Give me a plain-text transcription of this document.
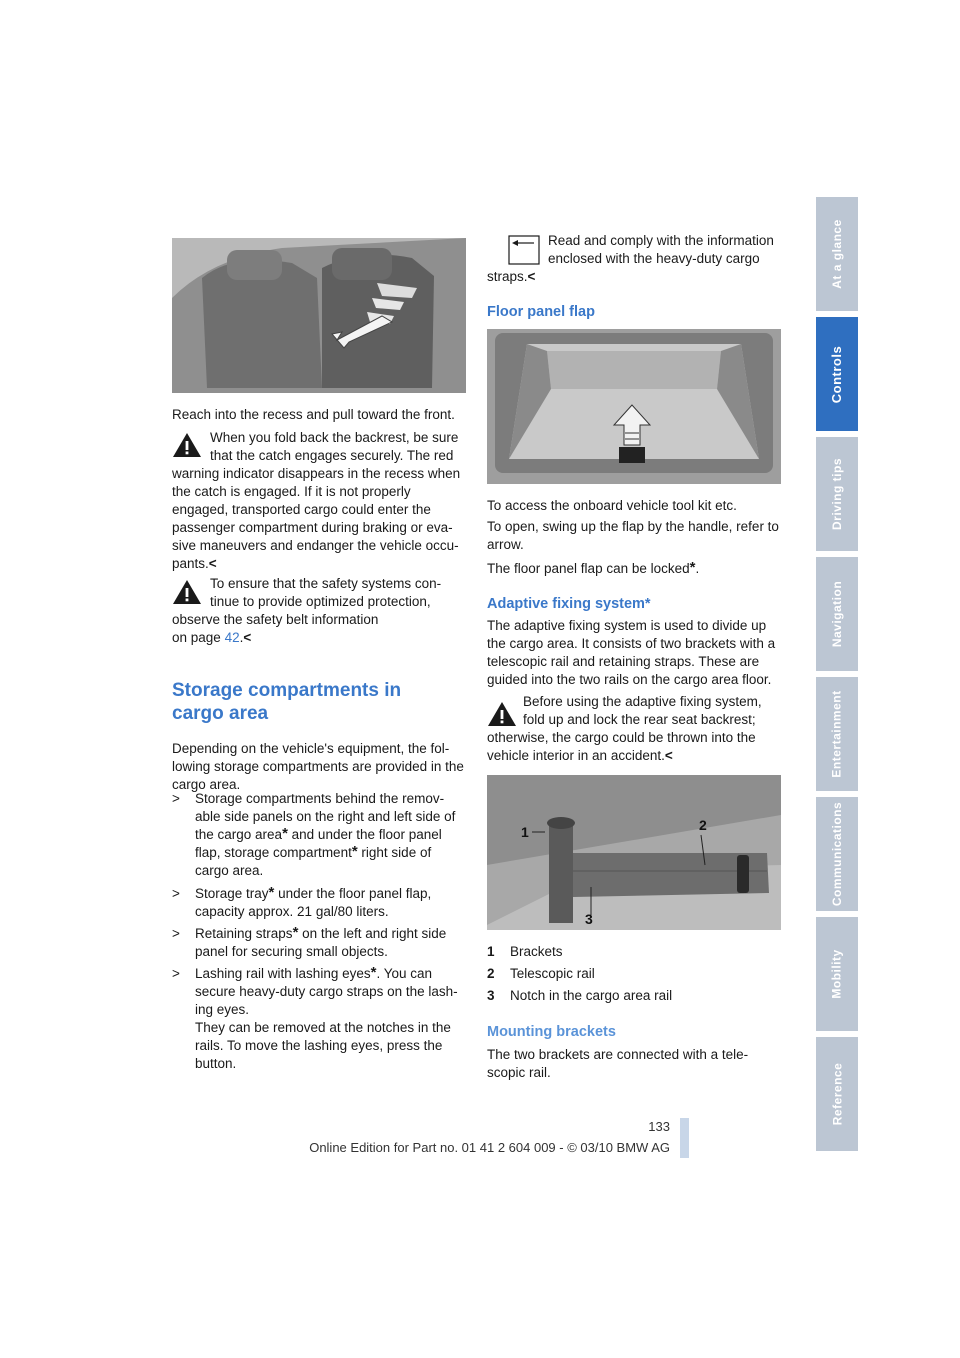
Reach into the recess and pull toward the front.

When you fold back the backrest, be sure

that the catch engages securely. The red

warning indicator disappears in the recess when the catch is engaged. If it is not properly engaged, transported cargo could enter the passenger compartment during braking or eva-sive maneuvers and endanger the vehicle occu-pants.<

To ensure that the safety systems con-

tinue to provide optimized protection,

observe the safety belt information on page 42.<

Storage compartments in

cargo area

Depending on the vehicle's equipment, the fol-lowing storage compartments are provided in the cargo area.

> Storage compartments behind the remov-able side panels on the right and left side of the cargo area* and under the floor panel flap, storage compartment* right side of cargo area.

> Storage tray* under the floor panel flap, capacity approx. 21 gal/80 liters.

> Retaining straps* on the left and right side panel for securing small objects.

> Lashing rail with lashing eyes*. You can secure heavy-duty cargo straps on the lash-ing eyes.

They can be removed at the notches in the rails. To move the lashing eyes, press the button.

Read and comply with the information

enclosed with the heavy-duty cargo

straps.<

Floor panel flap

To access the onboard vehicle tool kit etc.

To open, swing up the flap by the handle, refer to arrow.

The floor panel flap can be locked*.

Adaptive fixing system*

The adaptive fixing system is used to divide up the cargo area. It consists of two brackets with a telescopic rail and retaining straps. These are guided into the two rails on the cargo area floor.

Before using the adaptive fixing system,

fold up and lock the rear seat backrest;

otherwise, the cargo could be thrown into the vehicle interior in an accident.<

1	2
3
1 Brackets
2 Telescopic rail
3 Notch in the cargo area rail

Mounting brackets

The two brackets are connected with a tele-scopic rail.

At a glance
Controls
Driving tips
Navigation
Entertainment
Communications
Mobility
Reference

133

Online Edition for Part no. 01 41 2 604 009 - © 03/10 BMW AG
